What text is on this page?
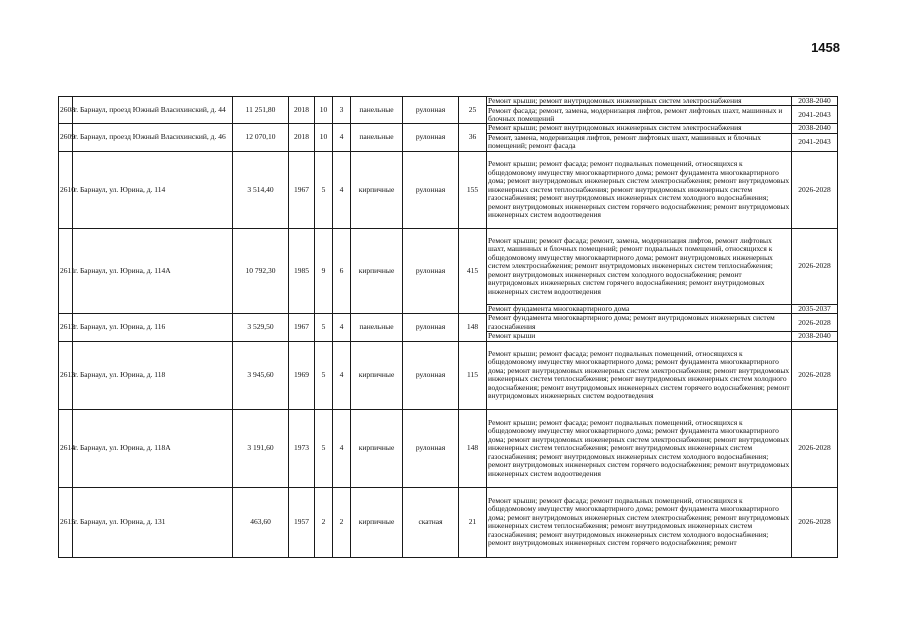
1458
2608	г. Барнаул, проезд Южный Власихинский, д. 44	11 251,80	2018	10	3	панельные	рулонная	25	Ремонт крыши; ремонт внутридомовых инженерных систем электроснабжения	2038-2040
									Ремонт фасада; ремонт, замена, модернизация лифтов, ремонт лифтовых шахт, машинных и блочных помещений	2041-2043
2609	г. Барнаул, проезд Южный Власихинский, д. 46	12 070,10	2018	10	4	панельные	рулонная	36	Ремонт крыши; ремонт внутридомовых инженерных систем электроснабжения	2038-2040
									Ремонт, замена, модернизация лифтов, ремонт лифтовых шахт, машинных и блочных помещений; ремонт фасада	2041-2043
2610	г. Барнаул, ул. Юрина, д. 114	3 514,40	1967	5	4	кирпичные	рулонная	155	Ремонт крыши; ремонт фасада; ремонт подвальных помещений, относящихся к общедомовому имуществу многоквартирного дома; ремонт фундамента многоквартирного дома; ремонт внутридомовых инженерных систем электроснабжения; ремонт внутридомовых инженерных систем теплоснабжения; ремонт внутридомовых инженерных систем газоснабжения; ремонт внутридомовых инженерных систем холодного водоснабжения; ремонт внутридомовых инженерных систем горячего водоснабжения; ремонт внутридомовых инженерных систем водоотведения	2026-2028
2611	г. Барнаул, ул. Юрина, д. 114А	10 792,30	1985	9	6	кирпичные	рулонная	415	Ремонт крыши; ремонт фасада; ремонт, замена, модернизация лифтов, ремонт лифтовых шахт, машинных и блочных помещений; ремонт подвальных помещений, относящихся к общедомовому имуществу многоквартирного дома; ремонт внутридомовых инженерных систем электроснабжения; ремонт внутридомовых инженерных систем теплоснабжения; ремонт внутридомовых инженерных систем холодного водоснабжения; ремонт внутридомовых инженерных систем горячего водоснабжения; ремонт внутридомовых инженерных систем водоотведения	2026-2028
									Ремонт фундамента многоквартирного дома	2035-2037
2612	г. Барнаул, ул. Юрина, д. 116	3 529,50	1967	5	4	панельные	рулонная	148	Ремонт фундамента многоквартирного дома; ремонт внутридомовых инженерных систем газоснабжения	2026-2028
									Ремонт крыши	2038-2040
2613	г. Барнаул, ул. Юрина, д. 118	3 945,60	1969	5	4	кирпичные	рулонная	115	Ремонт крыши; ремонт фасада; ремонт подвальных помещений, относящихся к общедомовому имуществу многоквартирного дома; ремонт фундамента многоквартирного дома; ремонт внутридомовых инженерных систем электроснабжения; ремонт внутридомовых инженерных систем теплоснабжения; ремонт внутридомовых инженерных систем холодного водоснабжения; ремонт внутридомовых инженерных систем горячего водоснабжения; ремонт внутридомовых инженерных систем водоотведения	2026-2028
2614	г. Барнаул, ул. Юрина, д. 118А	3 191,60	1973	5	4	кирпичные	рулонная	148	Ремонт крыши; ремонт фасада; ремонт подвальных помещений, относящихся к общедомовому имуществу многоквартирного дома; ремонт фундамента многоквартирного дома; ремонт внутридомовых инженерных систем электроснабжения; ремонт внутридомовых инженерных систем теплоснабжения; ремонт внутридомовых инженерных систем газоснабжения; ремонт внутридомовых инженерных систем холодного водоснабжения; ремонт внутридомовых инженерных систем горячего водоснабжения; ремонт внутридомовых инженерных систем водоотведения	2026-2028
2615	г. Барнаул, ул. Юрина, д. 131	463,60	1957	2	2	кирпичные	скатная	21	Ремонт крыши; ремонт фасада; ремонт подвальных помещений, относящихся к общедомовому имуществу многоквартирного дома; ремонт фундамента многоквартирного дома; ремонт внутридомовых инженерных систем электроснабжения; ремонт внутридомовых инженерных систем теплоснабжения; ремонт внутридомовых инженерных систем газоснабжения; ремонт внутридомовых инженерных систем холодного водоснабжения; ремонт внутридомовых инженерных систем горячего водоснабжения; ремонт	2026-2028
